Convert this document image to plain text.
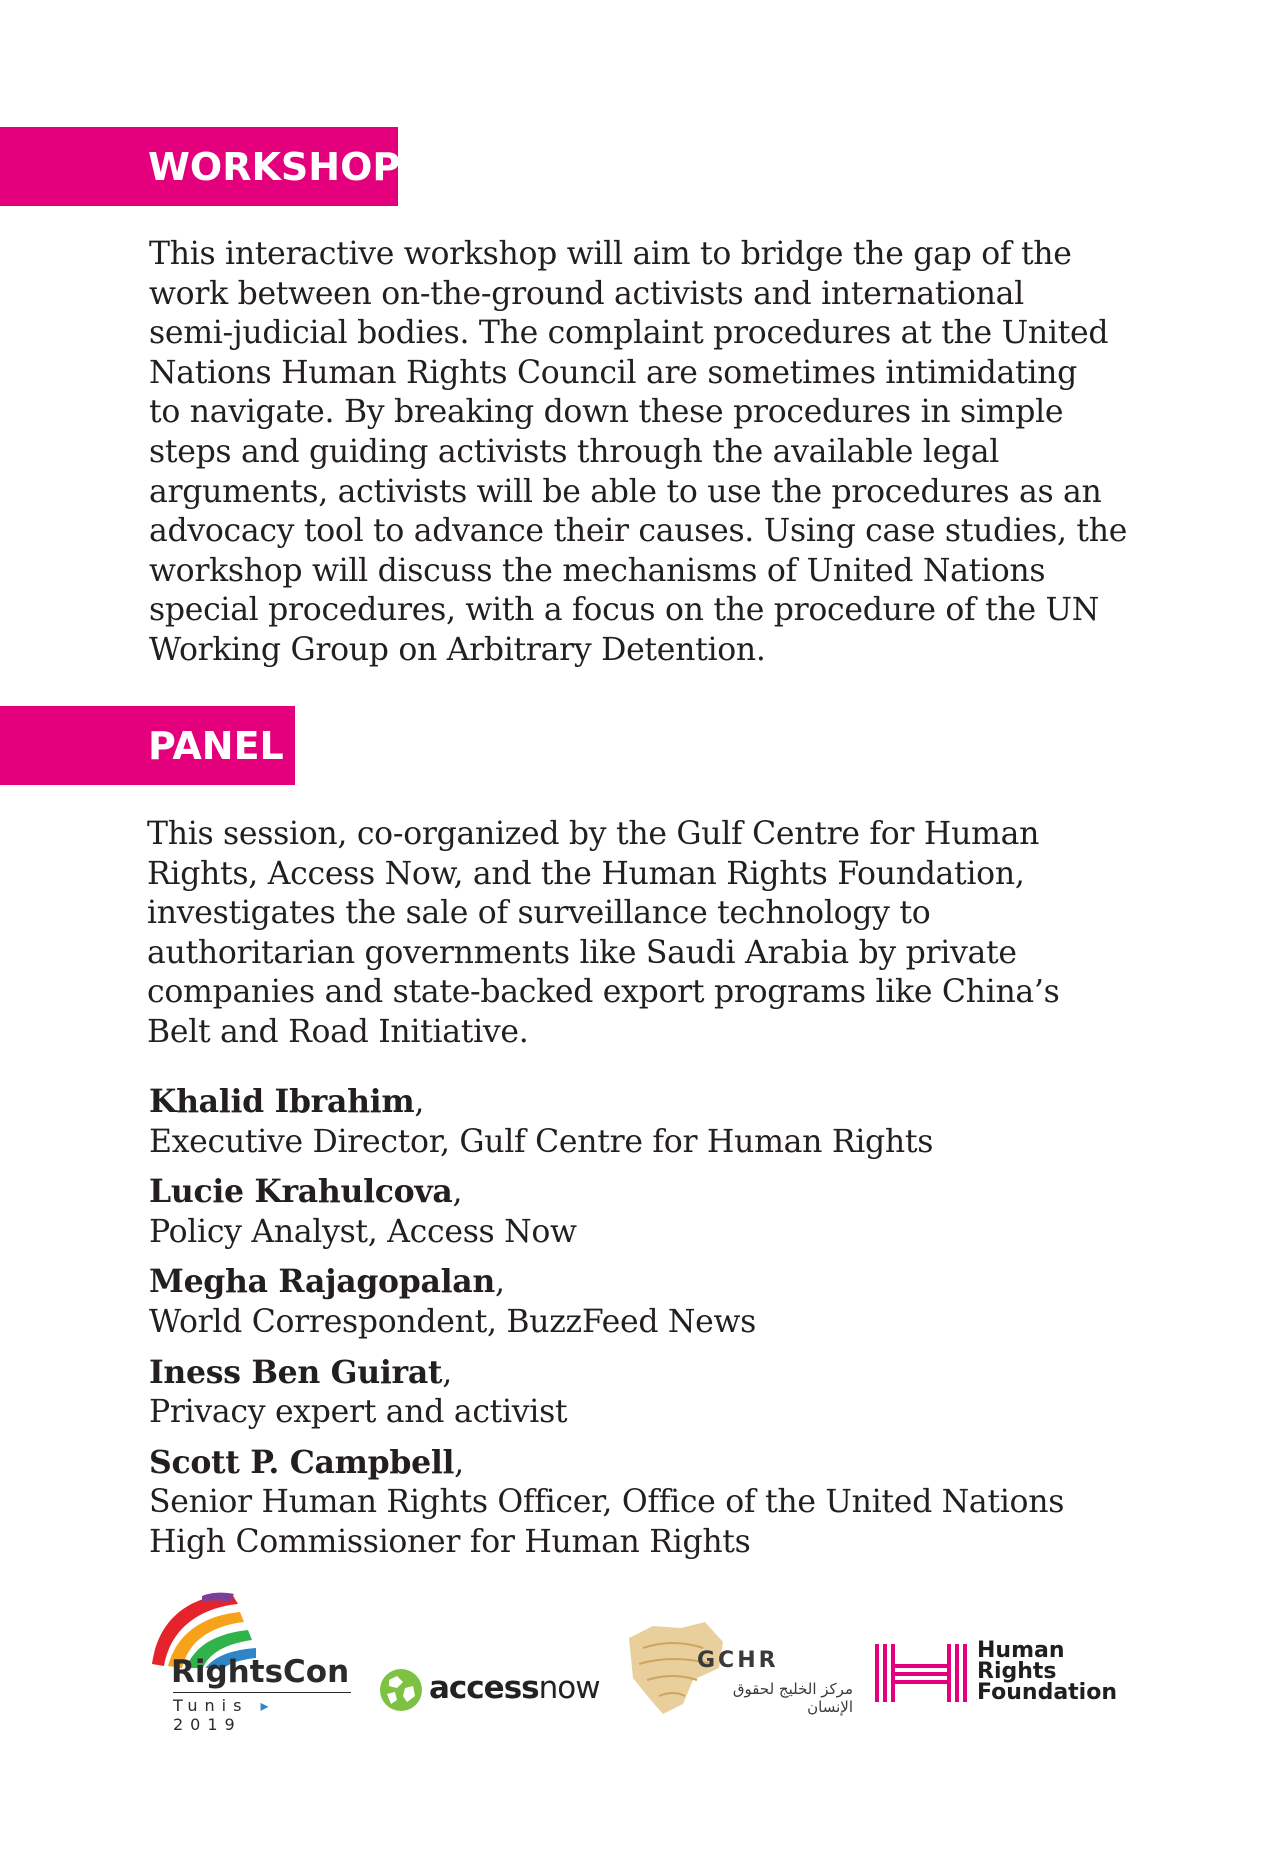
WORKSHOP
This interactive workshop will aim to bridge the gap of the
work between on-the-ground activists and international
semi-judicial bodies. The complaint procedures at the United
Nations Human Rights Council are sometimes intimidating
to navigate. By breaking down these procedures in simple
steps and guiding activists through the available legal
arguments, activists will be able to use the procedures as an
advocacy tool to advance their causes. Using case studies, the
workshop will discuss the mechanisms of United Nations
special procedures, with a focus on the procedure of the UN
Working Group on Arbitrary Detention.
PANEL
This session, co-organized by the Gulf Centre for Human
Rights, Access Now, and the Human Rights Foundation,
investigates the sale of surveillance technology to
authoritarian governments like Saudi Arabia by private
companies and state-backed export programs like China’s
Belt and Road Initiative.
Khalid Ibrahim,
Executive Director, Gulf Centre for Human Rights
Lucie Krahulcova,
Policy Analyst, Access Now
Megha Rajagopalan,
World Correspondent, BuzzFeed News
Iness Ben Guirat,
Privacy expert and activist
Scott P. Campbell,
Senior Human Rights Officer, Office of the United Nations
High Commissioner for Human Rights
RightsCon
Tunis ▸ 2019
accessnow
GCHR
مركز الخليج لحقوق الإنسان
Human
Rights
Foundation
